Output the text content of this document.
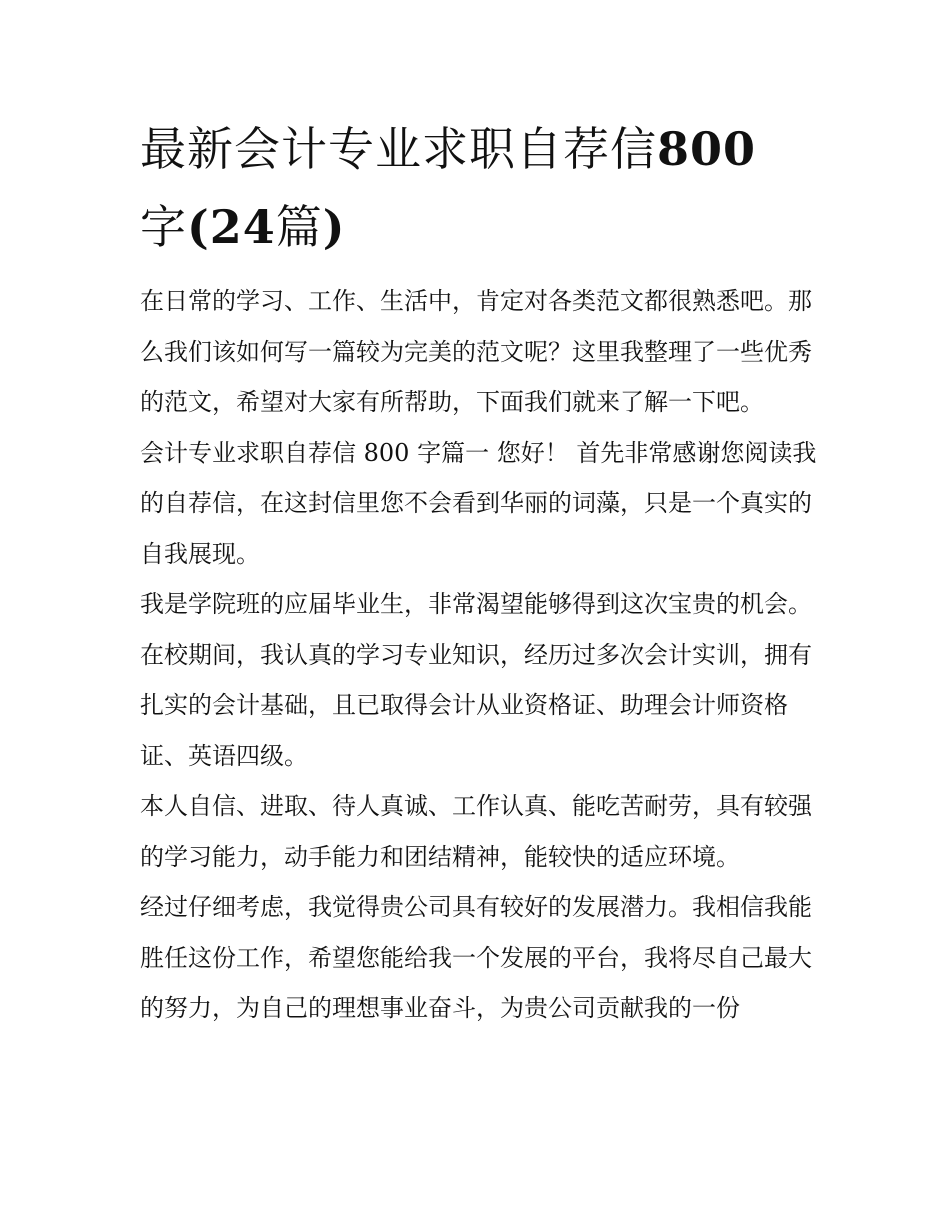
最新会计专业求职自荐信800
字(24篇)

在日常的学习、工作、生活中，肯定对各类范文都很熟悉吧。那么我们该如何写一篇较为完美的范文呢？这里我整理了一些优秀的范文，希望对大家有所帮助，下面我们就来了解一下吧。

会计专业求职自荐信 800 字篇一 您好！ 首先非常感谢您阅读我的自荐信，在这封信里您不会看到华丽的词藻，只是一个真实的自我展现。

我是学院班的应届毕业生，非常渴望能够得到这次宝贵的机会。在校期间，我认真的学习专业知识，经历过多次会计实训，拥有扎实的会计基础，且已取得会计从业资格证、助理会计师资格证、英语四级。

本人自信、进取、待人真诚、工作认真、能吃苦耐劳，具有较强的学习能力，动手能力和团结精神，能较快的适应环境。

经过仔细考虑，我觉得贵公司具有较好的发展潜力。我相信我能胜任这份工作，希望您能给我一个发展的平台，我将尽自己最大的努力，为自己的理想事业奋斗，为贵公司贡献我的一份
